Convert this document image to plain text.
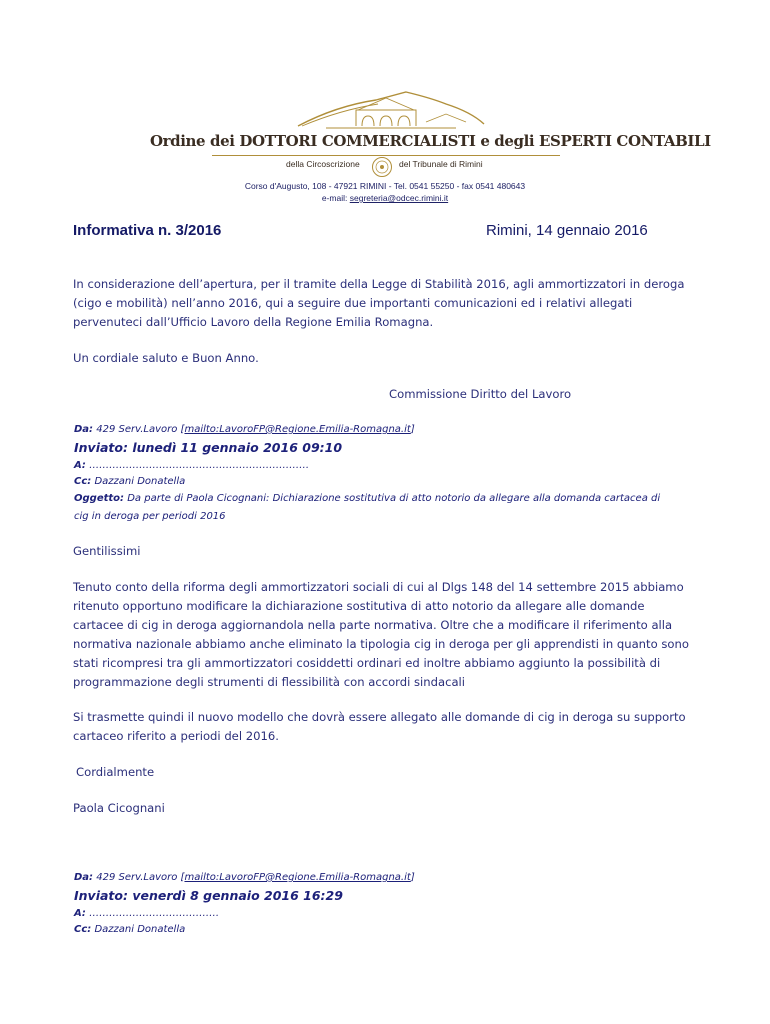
Ordine dei DOTTORI COMMERCIALISTI e degli ESPERTI CONTABILI
della Circoscrizione	del Tribunale di Rimini
Corso d'Augusto, 108 - 47921 RIMINI - Tel. 0541 55250 - fax 0541 480643
e-mail: segreteria@odcec.rimini.it
Informativa n. 3/2016	Rimini, 14 gennaio 2016
In considerazione dell’apertura, per il tramite della Legge di Stabilità 2016, agli ammortizzatori in deroga
(cigo e mobilità) nell’anno 2016, qui a seguire due importanti comunicazioni ed i relativi allegati
pervenuteci dall’Ufficio Lavoro della Regione Emilia Romagna.
Un cordiale saluto e Buon Anno.
Commissione Diritto del Lavoro
Da: 429 Serv.Lavoro [mailto:LavoroFP@Regione.Emilia-Romagna.it]
Inviato: lunedì 11 gennaio 2016 09:10
A: …………………………………………………………
Cc: Dazzani Donatella
Oggetto: Da parte di Paola Cicognani: Dichiarazione sostitutiva di atto notorio da allegare alla domanda cartacea di
cig in deroga per periodi 2016
Gentilissimi
Tenuto conto della riforma degli ammortizzatori sociali di cui al Dlgs 148 del 14 settembre 2015 abbiamo
ritenuto opportuno modificare la dichiarazione sostitutiva di atto notorio da allegare alle domande
cartacee di cig in deroga aggiornandola nella parte normativa. Oltre che a modificare il riferimento alla
normativa nazionale abbiamo anche eliminato la tipologia cig in deroga per gli apprendisti in quanto sono
stati ricompresi tra gli ammortizzatori cosiddetti ordinari ed inoltre abbiamo aggiunto la possibilità di
programmazione degli strumenti di flessibilità con accordi sindacali
Si trasmette quindi il nuovo modello che dovrà essere allegato alle domande di cig in deroga su supporto
cartaceo riferito a periodi del 2016.
Cordialmente
Paola Cicognani
Da: 429 Serv.Lavoro [mailto:LavoroFP@Regione.Emilia-Romagna.it]
Inviato: venerdì 8 gennaio 2016 16:29
A: …………………………………
Cc: Dazzani Donatella
